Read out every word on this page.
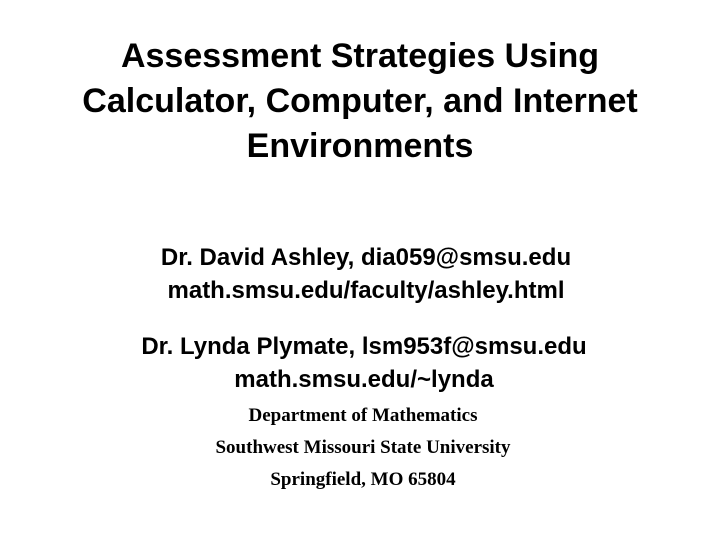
Assessment Strategies Using
Calculator, Computer, and Internet
Environments
Dr. David Ashley, dia059@smsu.edu
math.smsu.edu/faculty/ashley.html
Dr. Lynda Plymate, lsm953f@smsu.edu
math.smsu.edu/~lynda
Department of Mathematics
Southwest Missouri State University
Springfield, MO 65804
